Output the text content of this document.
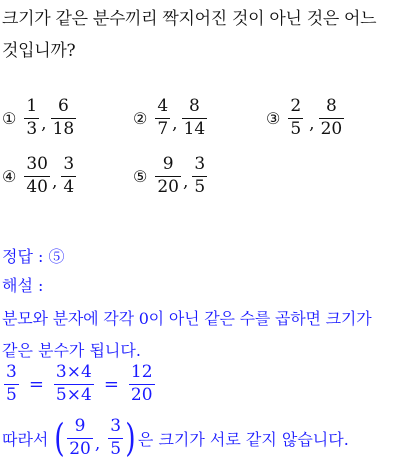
크기가 같은 분수끼리 짝지어진 것이 아닌 것은 어느
것입니까?
① $\frac{1}{3}$ , $\frac{6}{18}$	② $\frac{4}{7}$ , $\frac{8}{14}$	③ $\frac{2}{5}$ , $\frac{8}{20}$
④ $\frac{30}{40}$ , $\frac{3}{4}$	⑤ $\frac{9}{20}$ , $\frac{3}{5}$
정답 : ⑤
해설 :
분모와 분자에 각각 0이 아닌 같은 수를 곱하면 크기가
같은 분수가 됩니다.
$\frac{3}{5} = \frac{3\times 4}{5\times 4} = \frac{12}{20}$
따라서 ( $\frac{9}{20}$ , $\frac{3}{5}$ ) 은 크기가 서로 같지 않습니다.
